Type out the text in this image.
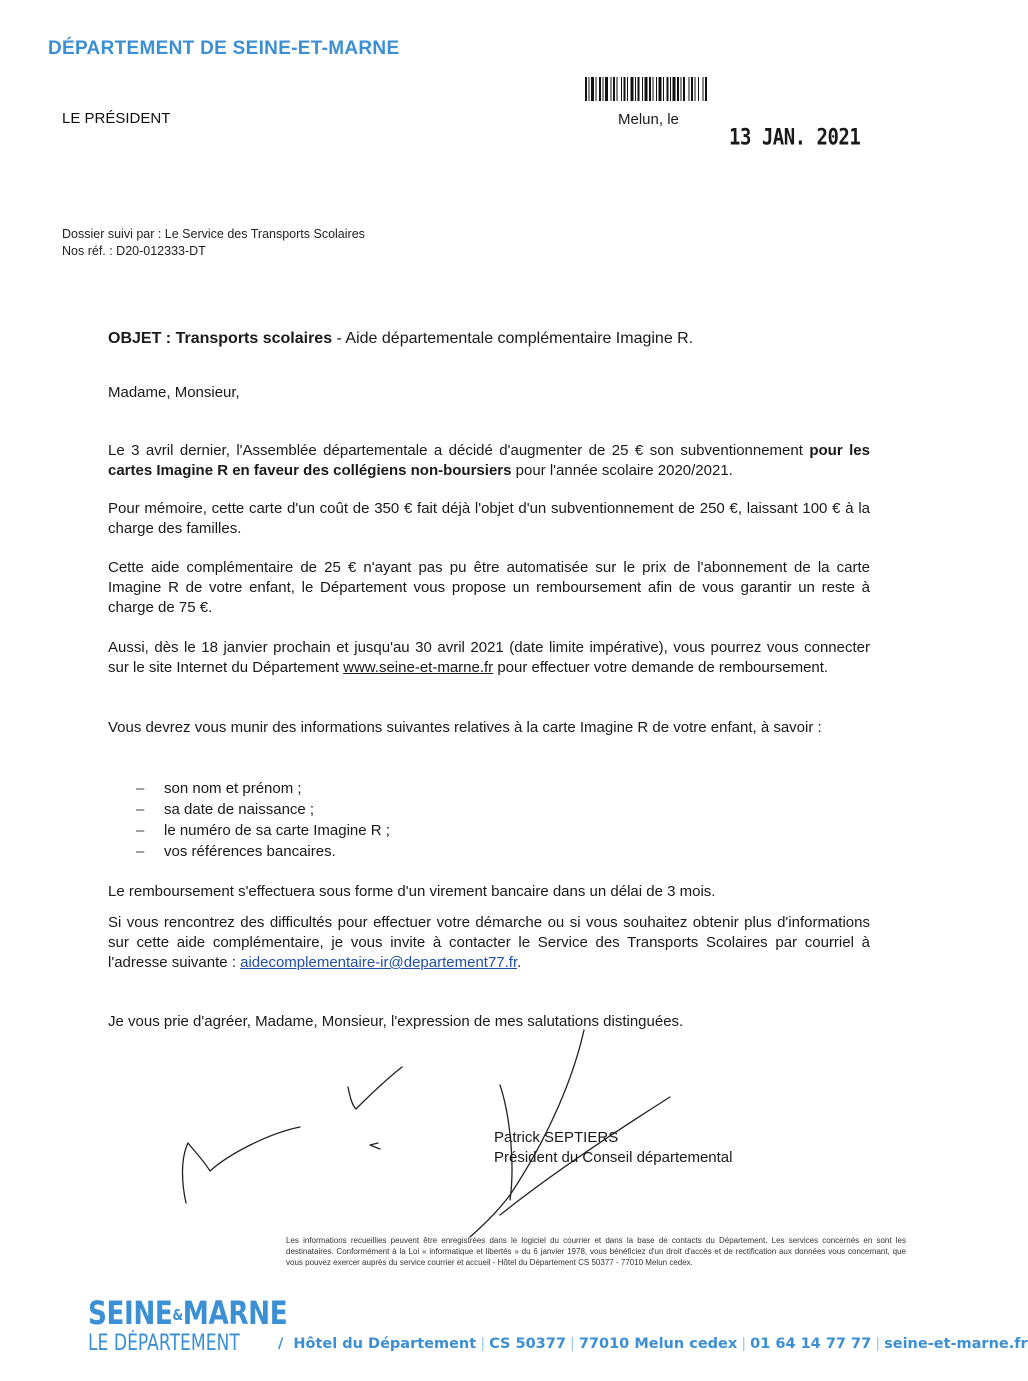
DÉPARTEMENT DE SEINE-ET-MARNE
LE PRÉSIDENT	Melun, le
13 JAN. 2021
Dossier suivi par : Le Service des Transports Scolaires
Nos réf. : D20-012333-DT
OBJET : Transports scolaires - Aide départementale complémentaire Imagine R.
Madame, Monsieur,

Le 3 avril dernier, l'Assemblée départementale a décidé d'augmenter de 25 € son subventionnement pour les cartes Imagine R en faveur des collégiens non-boursiers pour l'année scolaire 2020/2021.

Pour mémoire, cette carte d'un coût de 350 € fait déjà l'objet d'un subventionnement de 250 €, laissant 100 € à la charge des familles.

Cette aide complémentaire de 25 € n'ayant pas pu être automatisée sur le prix de l'abonnement de la carte Imagine R de votre enfant, le Département vous propose un remboursement afin de vous garantir un reste à charge de 75 €.

Aussi, dès le 18 janvier prochain et jusqu'au 30 avril 2021 (date limite impérative), vous pourrez vous connecter sur le site Internet du Département www.seine-et-marne.fr pour effectuer votre demande de remboursement.

Vous devrez vous munir des informations suivantes relatives à la carte Imagine R de votre enfant, à savoir :

– son nom et prénom ;
– sa date de naissance ;
– le numéro de sa carte Imagine R ;
– vos références bancaires.

Le remboursement s'effectuera sous forme d'un virement bancaire dans un délai de 3 mois.

Si vous rencontrez des difficultés pour effectuer votre démarche ou si vous souhaitez obtenir plus d'informations sur cette aide complémentaire, je vous invite à contacter le Service des Transports Scolaires par courriel à l'adresse suivante : aidecomplementaire-ir@departement77.fr.

Je vous prie d'agréer, Madame, Monsieur, l'expression de mes salutations distinguées.
Patrick SEPTIERS
Président du Conseil départemental
Les informations recueillies peuvent être enregistrées dans le logiciel du courrier et dans la base de contacts du Département. Les services concernés en sont les destinataires. Conformément à la Loi « informatique et libertés » du 6 janvier 1978, vous bénéficiez d'un droit d'accès et de rectification aux données vous concernant, que vous pouvez exercer auprès du service courrier et accueil - Hôtel du Département CS 50377 - 77010 Melun cedex.
SEINE&MARNE
LE DÉPARTEMENT	/ Hôtel du Département | CS 50377 | 77010 Melun cedex | 01 64 14 77 77 | seine-et-marne.fr
